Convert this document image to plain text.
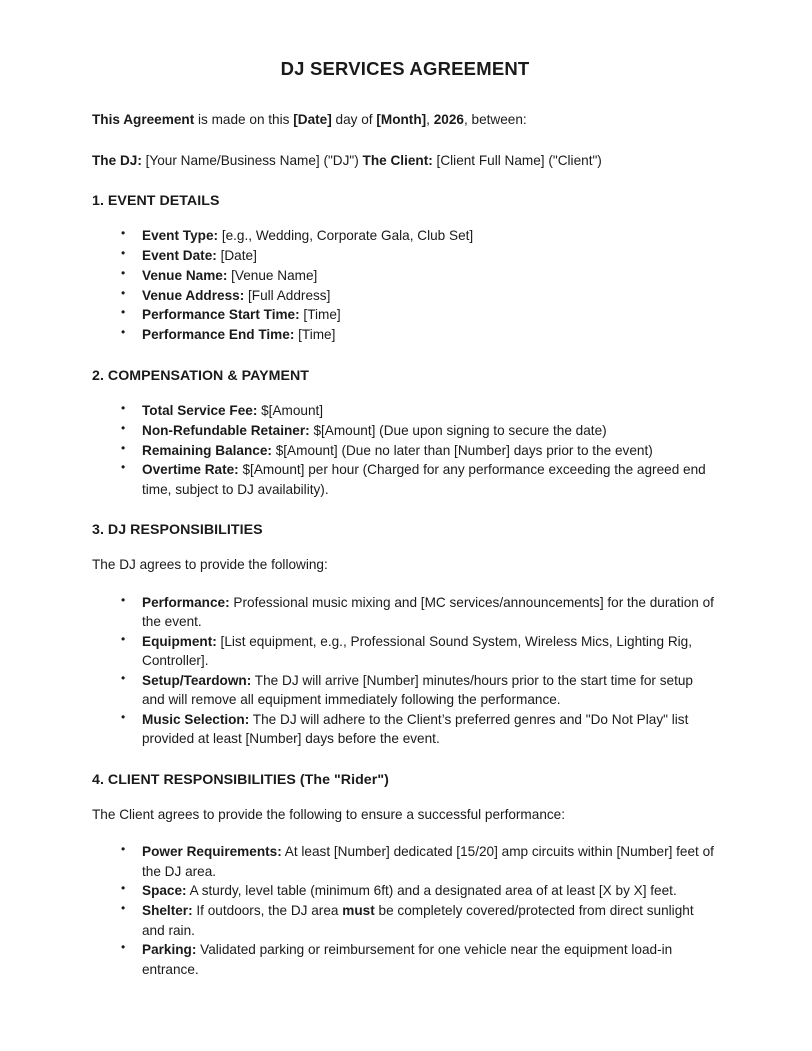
DJ SERVICES AGREEMENT

This Agreement is made on this [Date] day of [Month], 2026, between:

The DJ: [Your Name/Business Name] ("DJ") The Client: [Client Full Name] ("Client")

1. EVENT DETAILS
• Event Type: [e.g., Wedding, Corporate Gala, Club Set]
• Event Date: [Date]
• Venue Name: [Venue Name]
• Venue Address: [Full Address]
• Performance Start Time: [Time]
• Performance End Time: [Time]
2. COMPENSATION & PAYMENT
• Total Service Fee: $[Amount]
• Non-Refundable Retainer: $[Amount] (Due upon signing to secure the date)
• Remaining Balance: $[Amount] (Due no later than [Number] days prior to the event)
• Overtime Rate: $[Amount] per hour (Charged for any performance exceeding the agreed end time, subject to DJ availability).
3. DJ RESPONSIBILITIES
The DJ agrees to provide the following:
• Performance: Professional music mixing and [MC services/announcements] for the duration of the event.
• Equipment: [List equipment, e.g., Professional Sound System, Wireless Mics, Lighting Rig, Controller].
• Setup/Teardown: The DJ will arrive [Number] minutes/hours prior to the start time for setup and will remove all equipment immediately following the performance.
• Music Selection: The DJ will adhere to the Client’s preferred genres and "Do Not Play" list provided at least [Number] days before the event.
4. CLIENT RESPONSIBILITIES (The "Rider")
The Client agrees to provide the following to ensure a successful performance:
• Power Requirements: At least [Number] dedicated [15/20] amp circuits within [Number] feet of the DJ area.
• Space: A sturdy, level table (minimum 6ft) and a designated area of at least [X by X] feet.
• Shelter: If outdoors, the DJ area must be completely covered/protected from direct sunlight and rain.
• Parking: Validated parking or reimbursement for one vehicle near the equipment load-in entrance.
